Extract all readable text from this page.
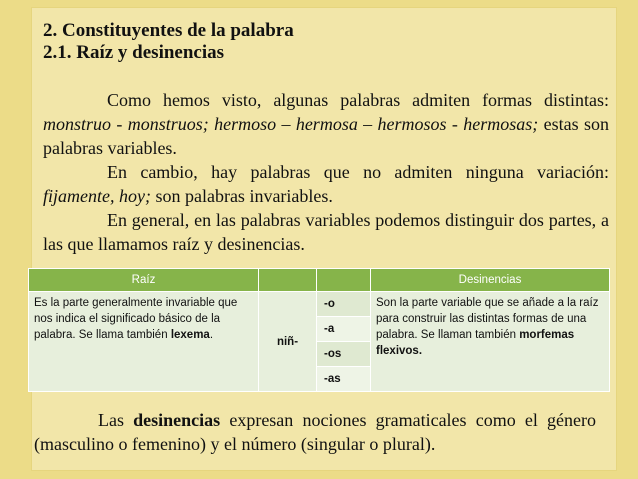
2. Constituyentes de la palabra

2.1. Raíz y desinencias

Como hemos visto, algunas palabras admiten formas distintas: monstruo - monstruos; hermoso – hermosa – hermosos - hermosas; estas son palabras variables.

En cambio, hay palabras que no admiten ninguna variación: fijamente, hoy; son palabras invariables.

En general, en las palabras variables podemos distinguir dos partes, a las que llamamos raíz y desinencias.

Raíz			Desinencias
Es la parte generalmente invariable que nos indica el significado básico de la palabra. Se llama también lexema.	niñ-	-o	Son la parte variable que se añade a la raíz para construir las distintas formas de una palabra. Se llaman también morfemas flexivos.
		-a	
		-os	
		-as	
Las desinencias expresan nociones gramaticales como el género (masculino o femenino) y el número (singular o plural).
